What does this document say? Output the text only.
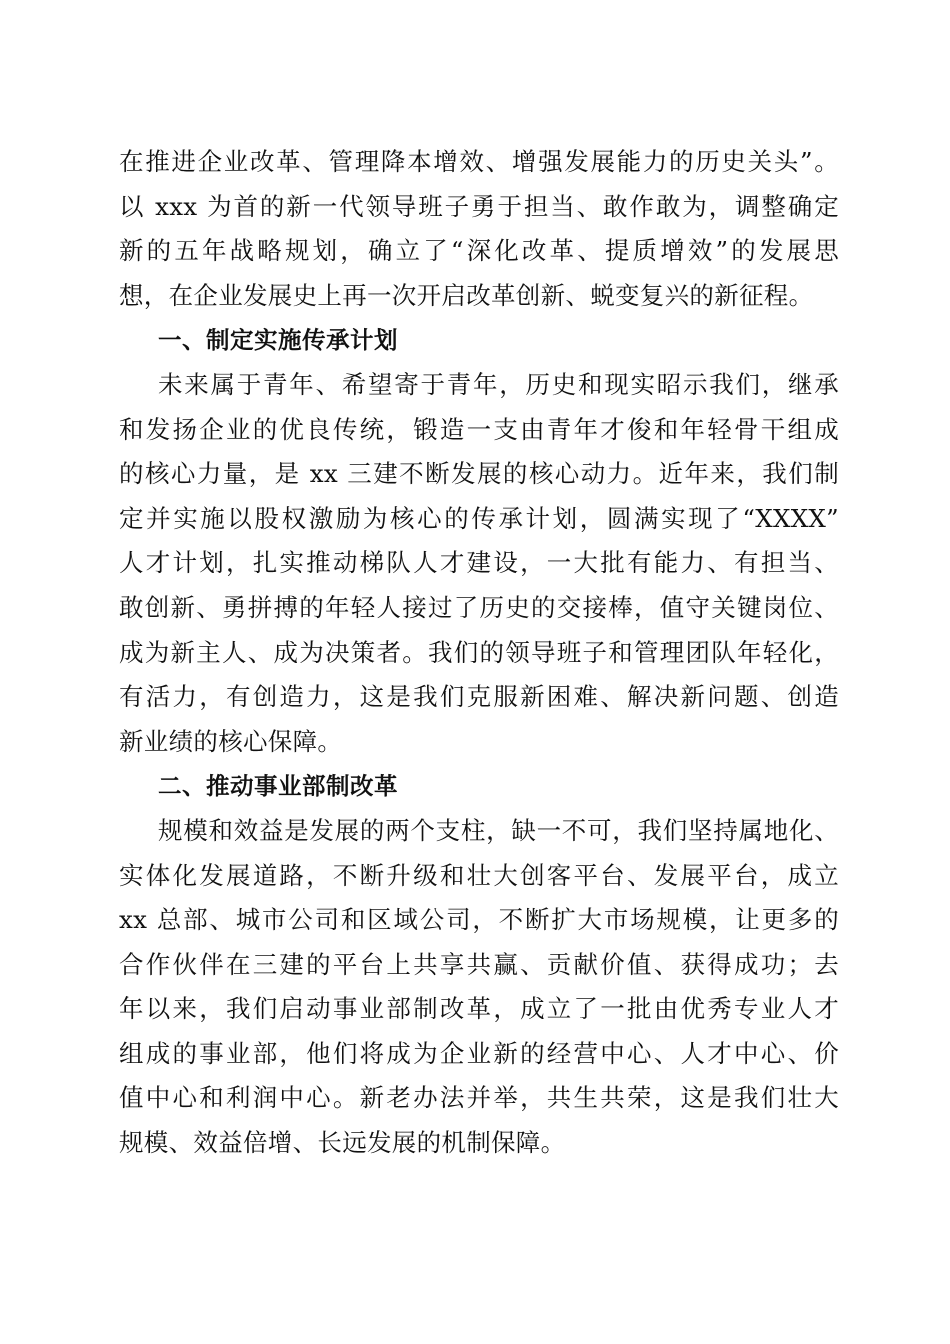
在推进企业改革、管理降本增效、增强发展能力的历史关头”。
以 xxx 为首的新一代领导班子勇于担当、敢作敢为，调整确定
新的五年战略规划，确立了“深化改革、提质增效”的发展思
想，在企业发展史上再一次开启改革创新、蜕变复兴的新征程。
一、制定实施传承计划
未来属于青年、希望寄于青年，历史和现实昭示我们，继承
和发扬企业的优良传统，锻造一支由青年才俊和年轻骨干组成
的核心力量，是 xx 三建不断发展的核心动力。近年来，我们制
定并实施以股权激励为核心的传承计划，圆满实现了“XXXX”
人才计划，扎实推动梯队人才建设，一大批有能力、有担当、
敢创新、勇拼搏的年轻人接过了历史的交接棒，值守关键岗位、
成为新主人、成为决策者。我们的领导班子和管理团队年轻化，
有活力，有创造力，这是我们克服新困难、解决新问题、创造
新业绩的核心保障。
二、推动事业部制改革
规模和效益是发展的两个支柱，缺一不可，我们坚持属地化、
实体化发展道路，不断升级和壮大创客平台、发展平台，成立
xx 总部、城市公司和区域公司，不断扩大市场规模，让更多的
合作伙伴在三建的平台上共享共赢、贡献价值、获得成功；去
年以来，我们启动事业部制改革，成立了一批由优秀专业人才
组成的事业部，他们将成为企业新的经营中心、人才中心、价
值中心和利润中心。新老办法并举，共生共荣，这是我们壮大
规模、效益倍增、长远发展的机制保障。
